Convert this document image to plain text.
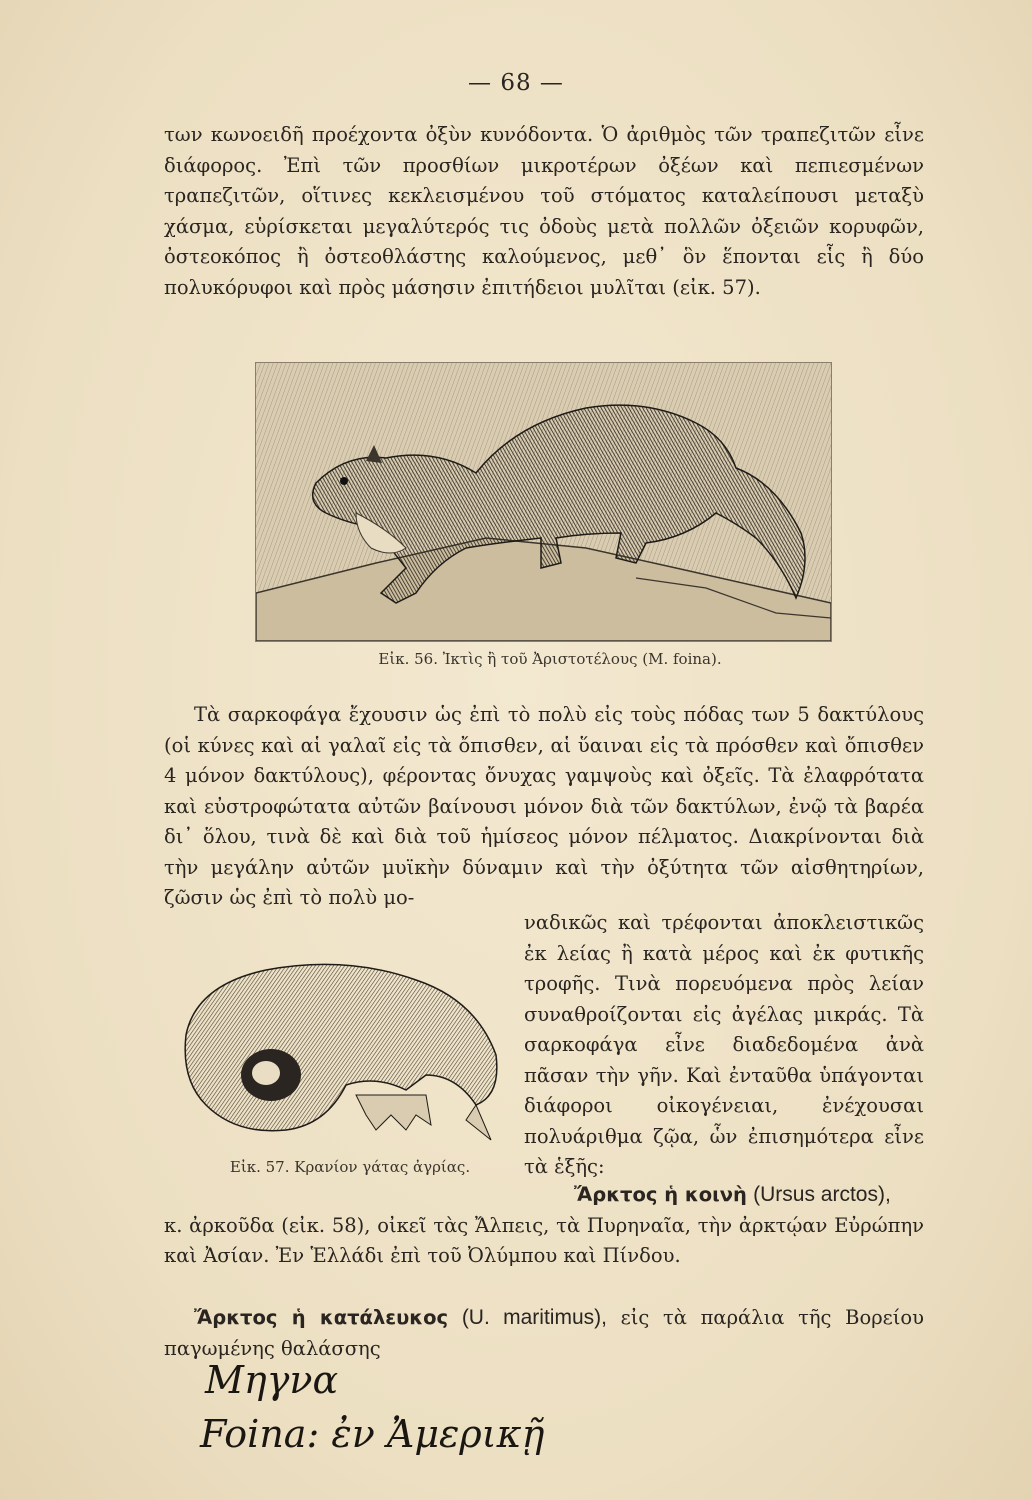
— 68 —

των κωνοειδῆ προέχοντα ὀξὺν κυνόδοντα. Ὁ ἀριθμὸς τῶν τραπεζιτῶν εἶνε διάφορος. Ἐπὶ τῶν προσθίων μικροτέρων ὀξέων καὶ πεπιεσμένων τραπεζιτῶν, οἵτινες κεκλεισμένου τοῦ στόματος καταλείπουσι μεταξὺ χάσμα, εὑρίσκεται μεγαλύτερός τις ὀδοὺς μετὰ πολλῶν ὀξειῶν κορυφῶν, ὀστεοκόπος ἢ ὀστεοθλάστης καλούμενος, μεθ᾽ ὃν ἕπονται εἷς ἢ δύο πολυκόρυφοι καὶ πρὸς μάσησιν ἐπιτήδειοι μυλῖται (εἰκ. 57).

Εἰκ. 56. Ἰκτὶς ἢ τοῦ Ἀριστοτέλους (M. foina).

Τὰ σαρκοφάγα ἔχουσιν ὡς ἐπὶ τὸ πολὺ εἰς τοὺς πόδας των 5 δακτύλους (οἱ κύνες καὶ αἱ γαλαῖ εἰς τὰ ὄπισθεν, αἱ ὕαιναι εἰς τὰ πρόσθεν καὶ ὄπισθεν 4 μόνον δακτύλους), φέροντας ὄνυχας γαμψοὺς καὶ ὀξεῖς. Τὰ ἐλαφρότατα καὶ εὐστροφώτατα αὐτῶν βαίνουσι μόνον διὰ τῶν δακτύλων, ἐνῷ τὰ βαρέα δι᾽ ὅλου, τινὰ δὲ καὶ διὰ τοῦ ἡμίσεος μόνον πέλματος. Διακρίνονται διὰ τὴν μεγάλην αὐτῶν μυϊκὴν δύναμιν καὶ τὴν ὀξύτητα τῶν αἰσθητηρίων, ζῶσιν ὡς ἐπὶ τὸ πολὺ μο-

Εἰκ. 57. Κρανίον γάτας ἀγρίας.

ναδικῶς καὶ τρέφονται ἀποκλειστικῶς ἐκ λείας ἢ κατὰ μέρος καὶ ἐκ φυτικῆς τροφῆς. Τινὰ πορευόμενα πρὸς λείαν συναθροίζονται εἰς ἀγέλας μικράς. Τὰ σαρκοφάγα εἶνε διαδεδομένα ἀνὰ πᾶσαν τὴν γῆν. Καὶ ἐνταῦθα ὑπάγονται διάφοροι οἰκογένειαι, ἐνέχουσαι πολυάριθμα ζῷα, ὧν ἐπισημότερα εἶνε τὰ ἑξῆς:

Ἄρκτος ἡ κοινὴ (Ursus arctos),
κ. ἀρκοῦδα (εἰκ. 58), οἰκεῖ τὰς Ἄλπεις, τὰ Πυρηναῖα, τὴν ἀρκτῴαν Εὐρώπην καὶ Ἀσίαν. Ἐν Ἑλλάδι ἐπὶ τοῦ Ὀλύμπου καὶ Πίνδου.

Ἄρκτος ἡ κατάλευκος (U. maritimus), εἰς τὰ παράλια τῆς Βορείου παγωμένης θαλάσσης

Μηγνα
Foina: ἐν Ἀμερικῇ
